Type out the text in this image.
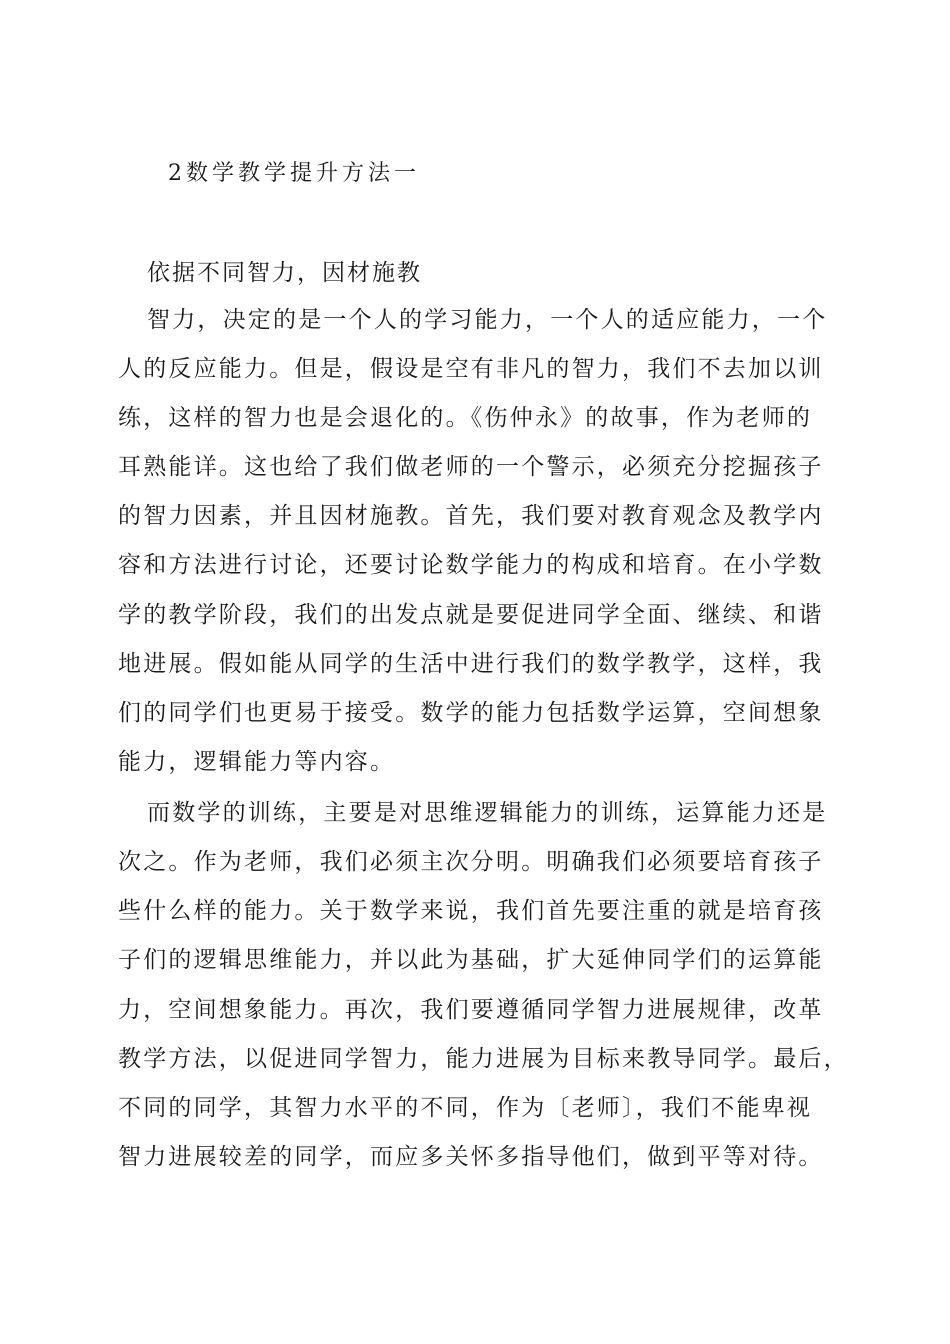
2数学教学提升方法一
依据不同智力，因材施教

智力，决定的是一个人的学习能力，一个人的适应能力，一个

人的反应能力。但是，假设是空有非凡的智力，我们不去加以训

练，这样的智力也是会退化的。《伤仲永》的故事，作为老师的

耳熟能详。这也给了我们做老师的一个警示，必须充分挖掘孩子

的智力因素，并且因材施教。首先，我们要对教育观念及教学内

容和方法进行讨论，还要讨论数学能力的构成和培育。在小学数

学的教学阶段，我们的出发点就是要促进同学全面、继续、和谐

地进展。假如能从同学的生活中进行我们的数学教学，这样，我

们的同学们也更易于接受。数学的能力包括数学运算，空间想象

能力，逻辑能力等内容。

而数学的训练，主要是对思维逻辑能力的训练，运算能力还是

次之。作为老师，我们必须主次分明。明确我们必须要培育孩子

些什么样的能力。关于数学来说，我们首先要注重的就是培育孩

子们的逻辑思维能力，并以此为基础，扩大延伸同学们的运算能

力，空间想象能力。再次，我们要遵循同学智力进展规律，改革

教学方法，以促进同学智力，能力进展为目标来教导同学。最后，

不同的同学，其智力水平的不同，作为〔老师〕，我们不能卑视

智力进展较差的同学，而应多关怀多指导他们，做到平等对待。
